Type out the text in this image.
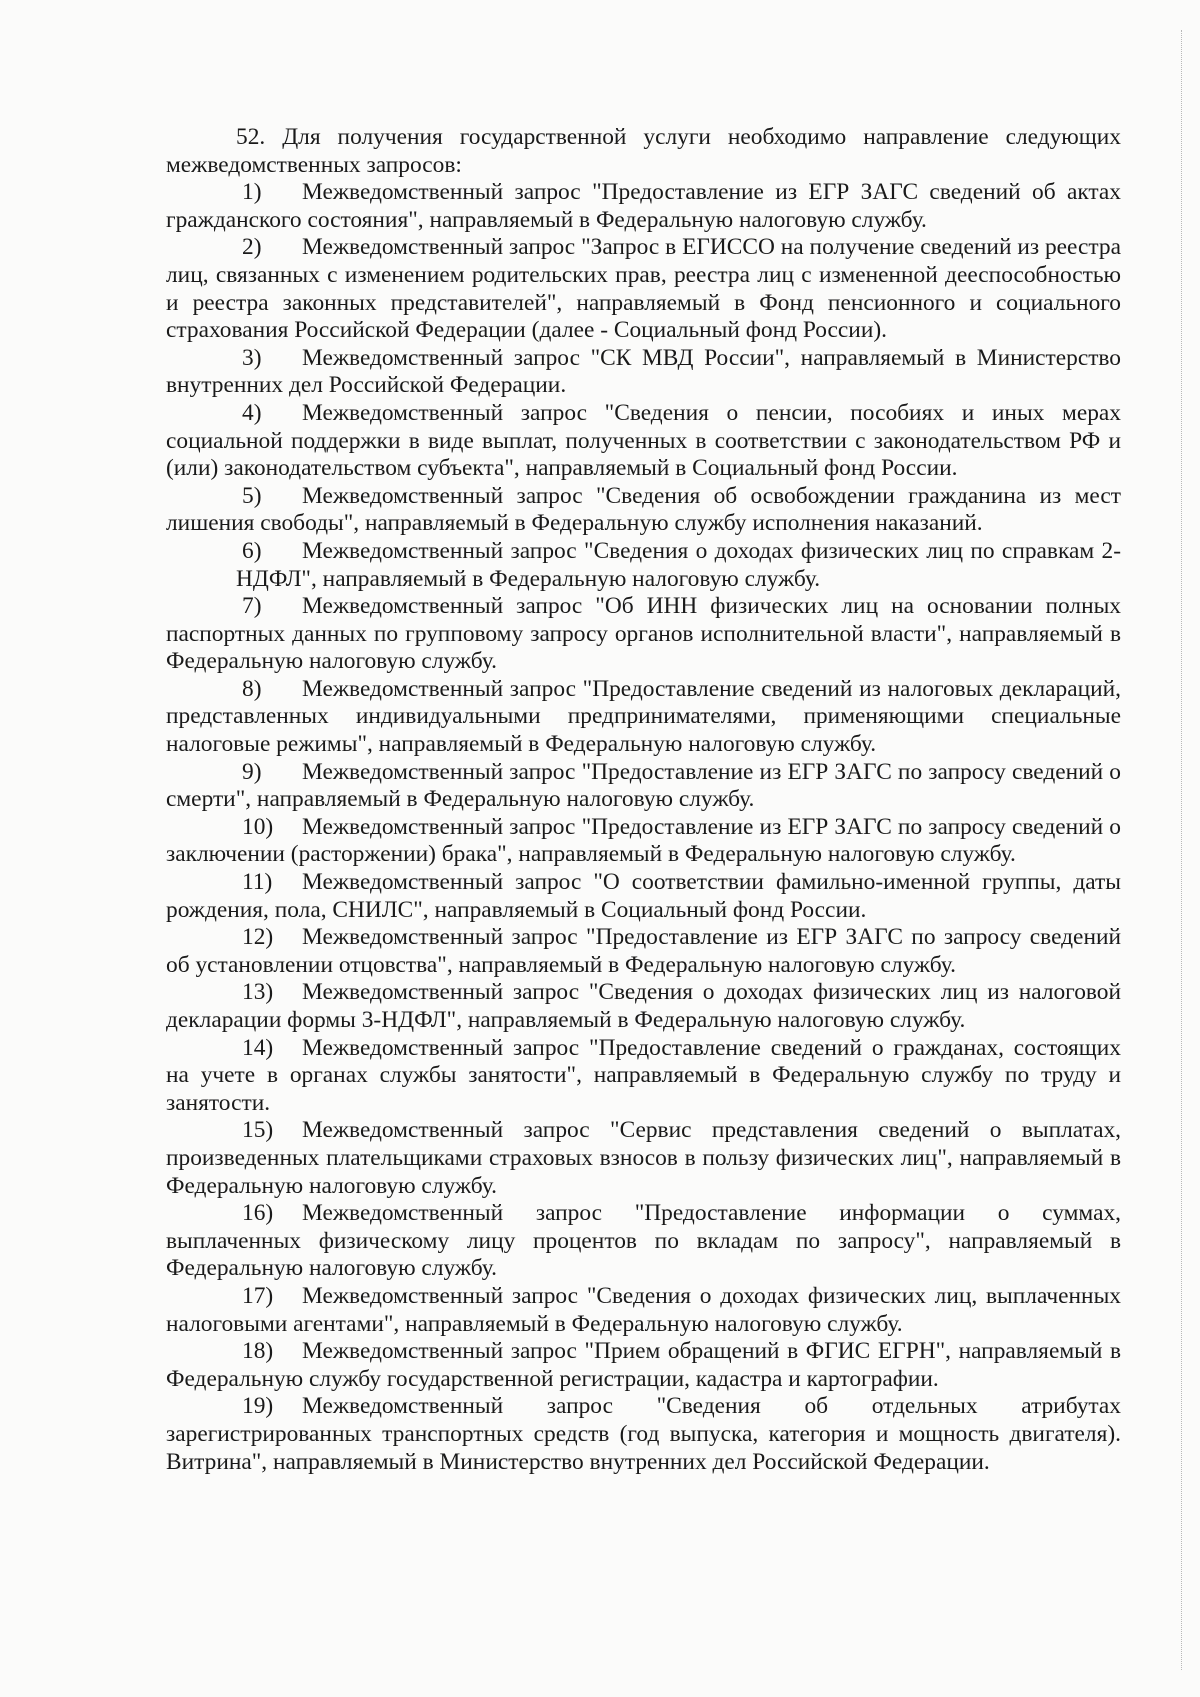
52. Для получения государственной услуги необходимо направление следующих межведомственных запросов:

1) Межведомственный запрос "Предоставление из ЕГР ЗАГС сведений об актах гражданского состояния", направляемый в Федеральную налоговую службу.

2) Межведомственный запрос "Запрос в ЕГИССО на получение сведений из реестра лиц, связанных с изменением родительских прав, реестра лиц с измененной дееспособностью и реестра законных представителей", направляемый в Фонд пенсионного и социального страхования Российской Федерации (далее - Социальный фонд России).

3) Межведомственный запрос "СК МВД России", направляемый в Министерство внутренних дел Российской Федерации.

4) Межведомственный запрос "Сведения о пенсии, пособиях и иных мерах социальной поддержки в виде выплат, полученных в соответствии с законодательством РФ и (или) законодательством субъекта", направляемый в Социальный фонд России.

5) Межведомственный запрос "Сведения об освобождении гражданина из мест лишения свободы", направляемый в Федеральную службу исполнения наказаний.

6) Межведомственный запрос "Сведения о доходах физических лиц по справкам 2-НДФЛ", направляемый в Федеральную налоговую службу.

7) Межведомственный запрос "Об ИНН физических лиц на основании полных паспортных данных по групповому запросу органов исполнительной власти", направляемый в Федеральную налоговую службу.

8) Межведомственный запрос "Предоставление сведений из налоговых деклараций, представленных индивидуальными предпринимателями, применяющими специальные налоговые режимы", направляемый в Федеральную налоговую службу.

9) Межведомственный запрос "Предоставление из ЕГР ЗАГС по запросу сведений о смерти", направляемый в Федеральную налоговую службу.

10) Межведомственный запрос "Предоставление из ЕГР ЗАГС по запросу сведений о заключении (расторжении) брака", направляемый в Федеральную налоговую службу.

11) Межведомственный запрос "О соответствии фамильно-именной группы, даты рождения, пола, СНИЛС", направляемый в Социальный фонд России.

12) Межведомственный запрос "Предоставление из ЕГР ЗАГС по запросу сведений об установлении отцовства", направляемый в Федеральную налоговую службу.

13) Межведомственный запрос "Сведения о доходах физических лиц из налоговой декларации формы 3-НДФЛ", направляемый в Федеральную налоговую службу.

14) Межведомственный запрос "Предоставление сведений о гражданах, состоящих на учете в органах службы занятости", направляемый в Федеральную службу по труду и занятости.

15) Межведомственный запрос "Сервис представления сведений о выплатах, произведенных плательщиками страховых взносов в пользу физических лиц", направляемый в Федеральную налоговую службу.

16) Межведомственный запрос "Предоставление информации о суммах, выплаченных физическому лицу процентов по вкладам по запросу", направляемый в Федеральную налоговую службу.

17) Межведомственный запрос "Сведения о доходах физических лиц, выплаченных налоговыми агентами", направляемый в Федеральную налоговую службу.

18) Межведомственный запрос "Прием обращений в ФГИС ЕГРН", направляемый в Федеральную службу государственной регистрации, кадастра и картографии.

19) Межведомственный запрос "Сведения об отдельных атрибутах зарегистрированных транспортных средств (год выпуска, категория и мощность двигателя). Витрина", направляемый в Министерство внутренних дел Российской Федерации.
